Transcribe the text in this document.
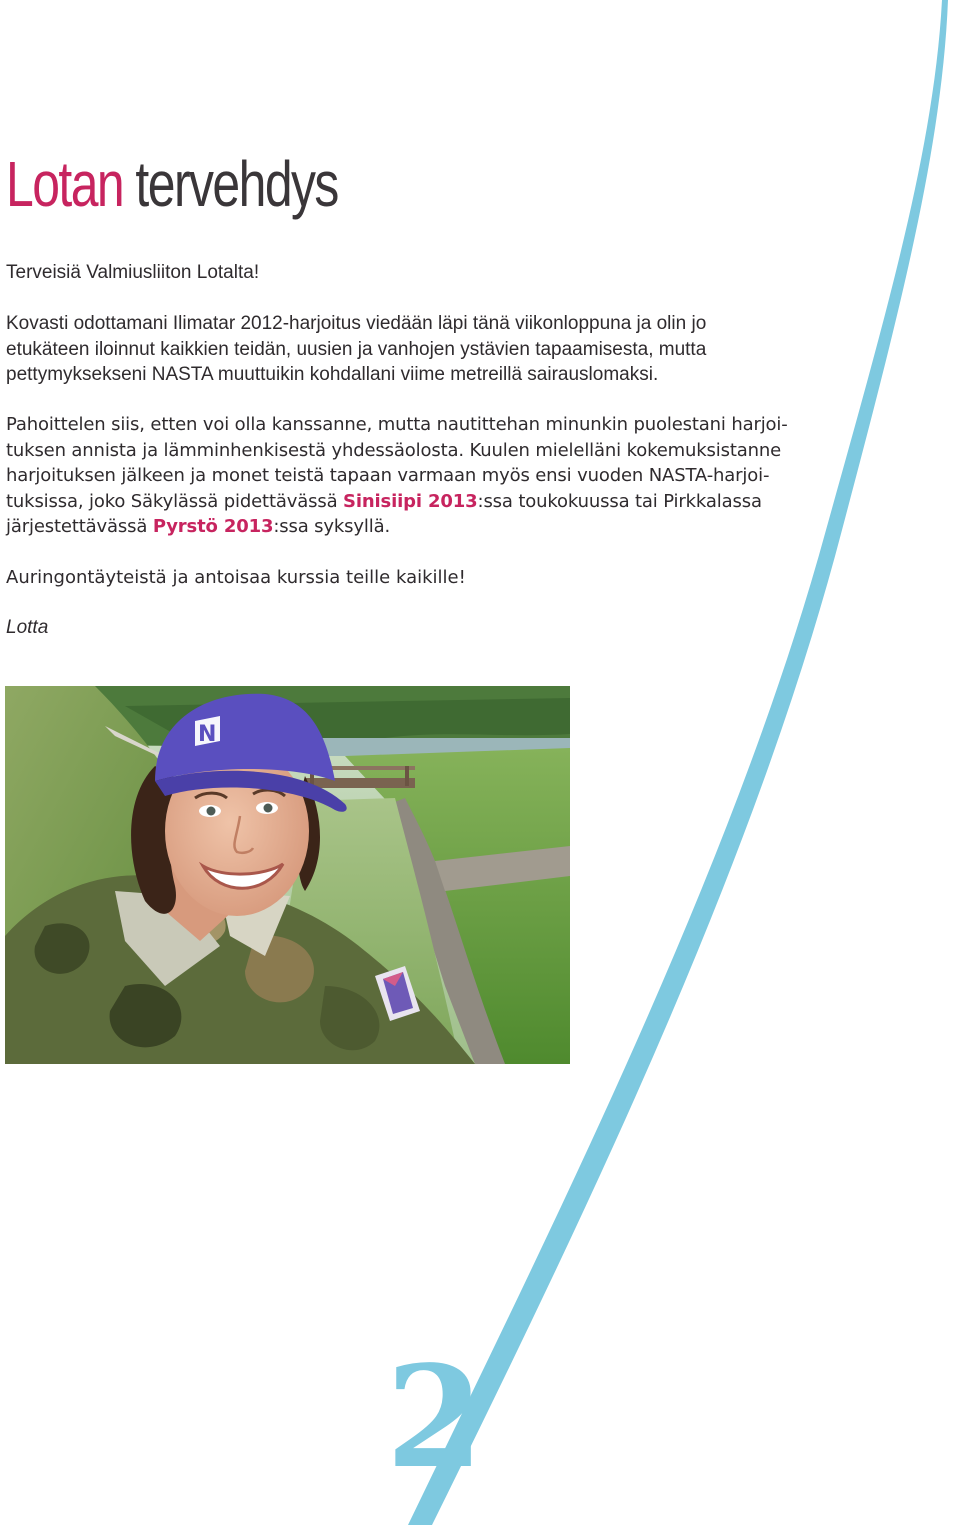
Lotan tervehdys
Terveisiä Valmiusliiton Lotalta!

Kovasti odottamani Ilimatar 2012-harjoitus viedään läpi tänä viikonloppuna ja olin jo
etukäteen iloinnut kaikkien teidän, uusien ja vanhojen ystävien tapaamisesta, mutta
pettymyksekseni NASTA muuttuikin kohdallani viime metreillä sairauslomaksi.

Pahoittelen siis, etten voi olla kanssanne, mutta nautittehan minunkin puolestani harjoi-
tuksen annista ja lämminhenkisestä yhdessäolosta. Kuulen mielelläni kokemuksistanne
harjoituksen jälkeen ja monet teistä tapaan varmaan myös ensi vuoden NASTA-harjoi-
tuksissa, joko Säkylässä pidettävässä Sinisiipi 2013:ssa toukokuussa tai Pirkkalassa
järjestettävässä Pyrstö 2013:ssa syksyllä.

Auringontäyteistä ja antoisaa kurssia teille kaikille!

Lotta
N
2
